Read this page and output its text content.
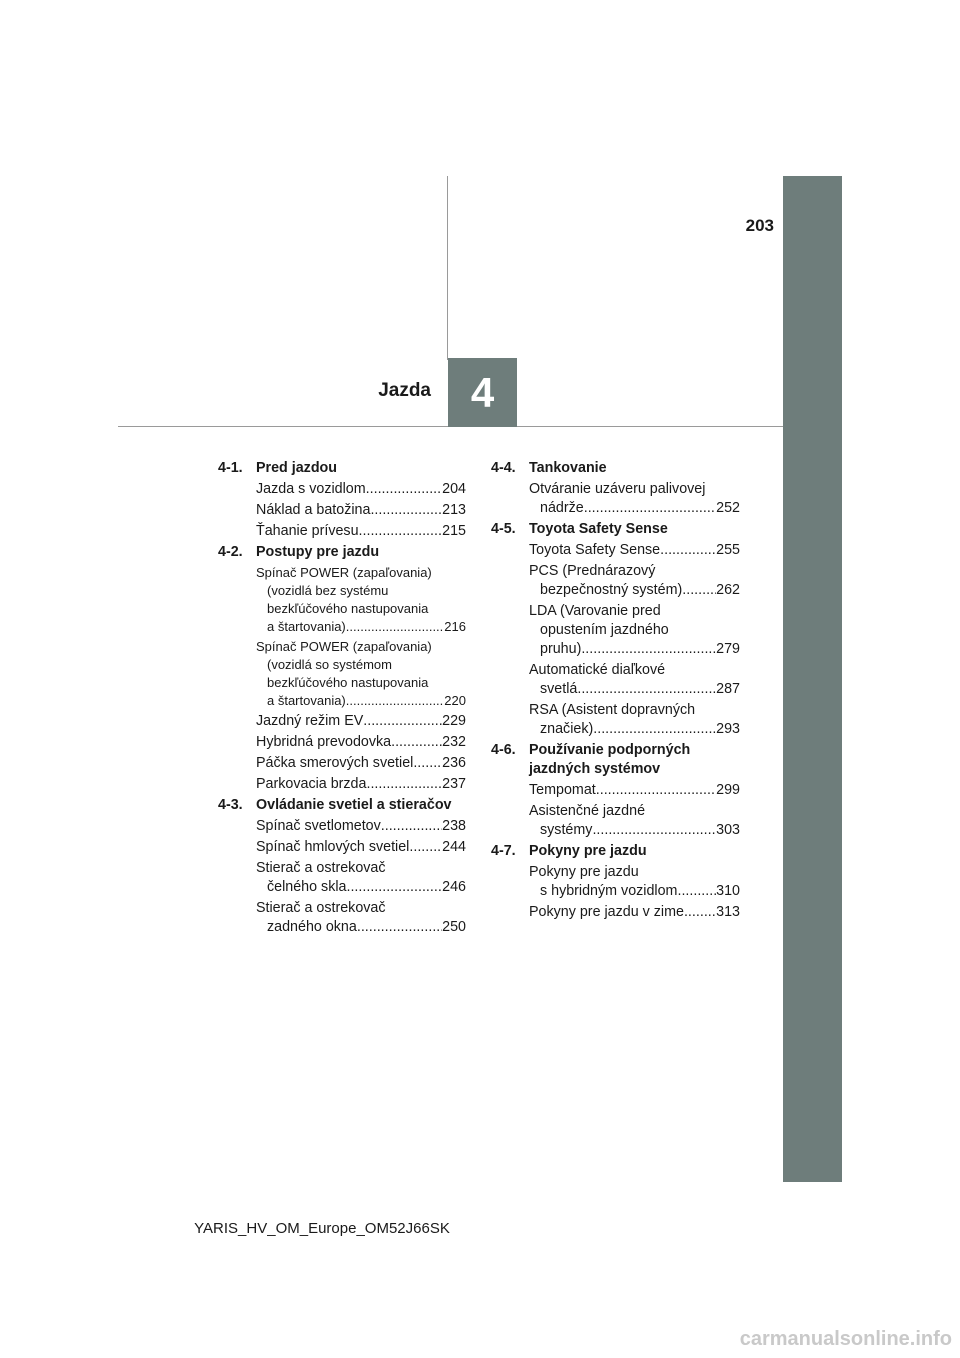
203
Jazda 4
4-1. Pred jazdou
Jazda s vozidlom .....	204
Náklad a batožina .....	213
Ťahanie prívesu .....	215
4-2. Postupy pre jazdu
Spínač POWER (zapaľovania)
(vozidlá bez systému
bezkľúčového nastupovania
a štartovania) .....	216
Spínač POWER (zapaľovania)
(vozidlá so systémom
bezkľúčového nastupovania
a štartovania) .....	220
Jazdný režim EV .....	229
Hybridná prevodovka .....	232
Páčka smerových svetiel ..... 236
Parkovacia brzda .....	237
4-3. Ovládanie svetiel a stieračov
Spínač svetlometov .....	238
Spínač hmlových svetiel ..... 244
Stierač a ostrekovač
čelného skla .....	246
Stierač a ostrekovač
zadného okna .....	250
4-4. Tankovanie
Otváranie uzáveru palivovej
nádrže .....	252
4-5. Toyota Safety Sense
Toyota Safety Sense .....	255
PCS (Prednárazový
bezpečnostný systém) ..... 262
LDA (Varovanie pred
opustením jazdného
pruhu) .....	279
Automatické diaľkové
svetlá .....	287
RSA (Asistent dopravných
značiek) .....	293
4-6. Používanie podporných
jazdných systémov
Tempomat .....	299
Asistenčné jazdné
systémy .....	303
4-7. Pokyny pre jazdu
Pokyny pre jazdu
s hybridným vozidlom .....	310
Pokyny pre jazdu v zime ..... 313
YARIS_HV_OM_Europe_OM52J66SK
carmanualsonline.info
